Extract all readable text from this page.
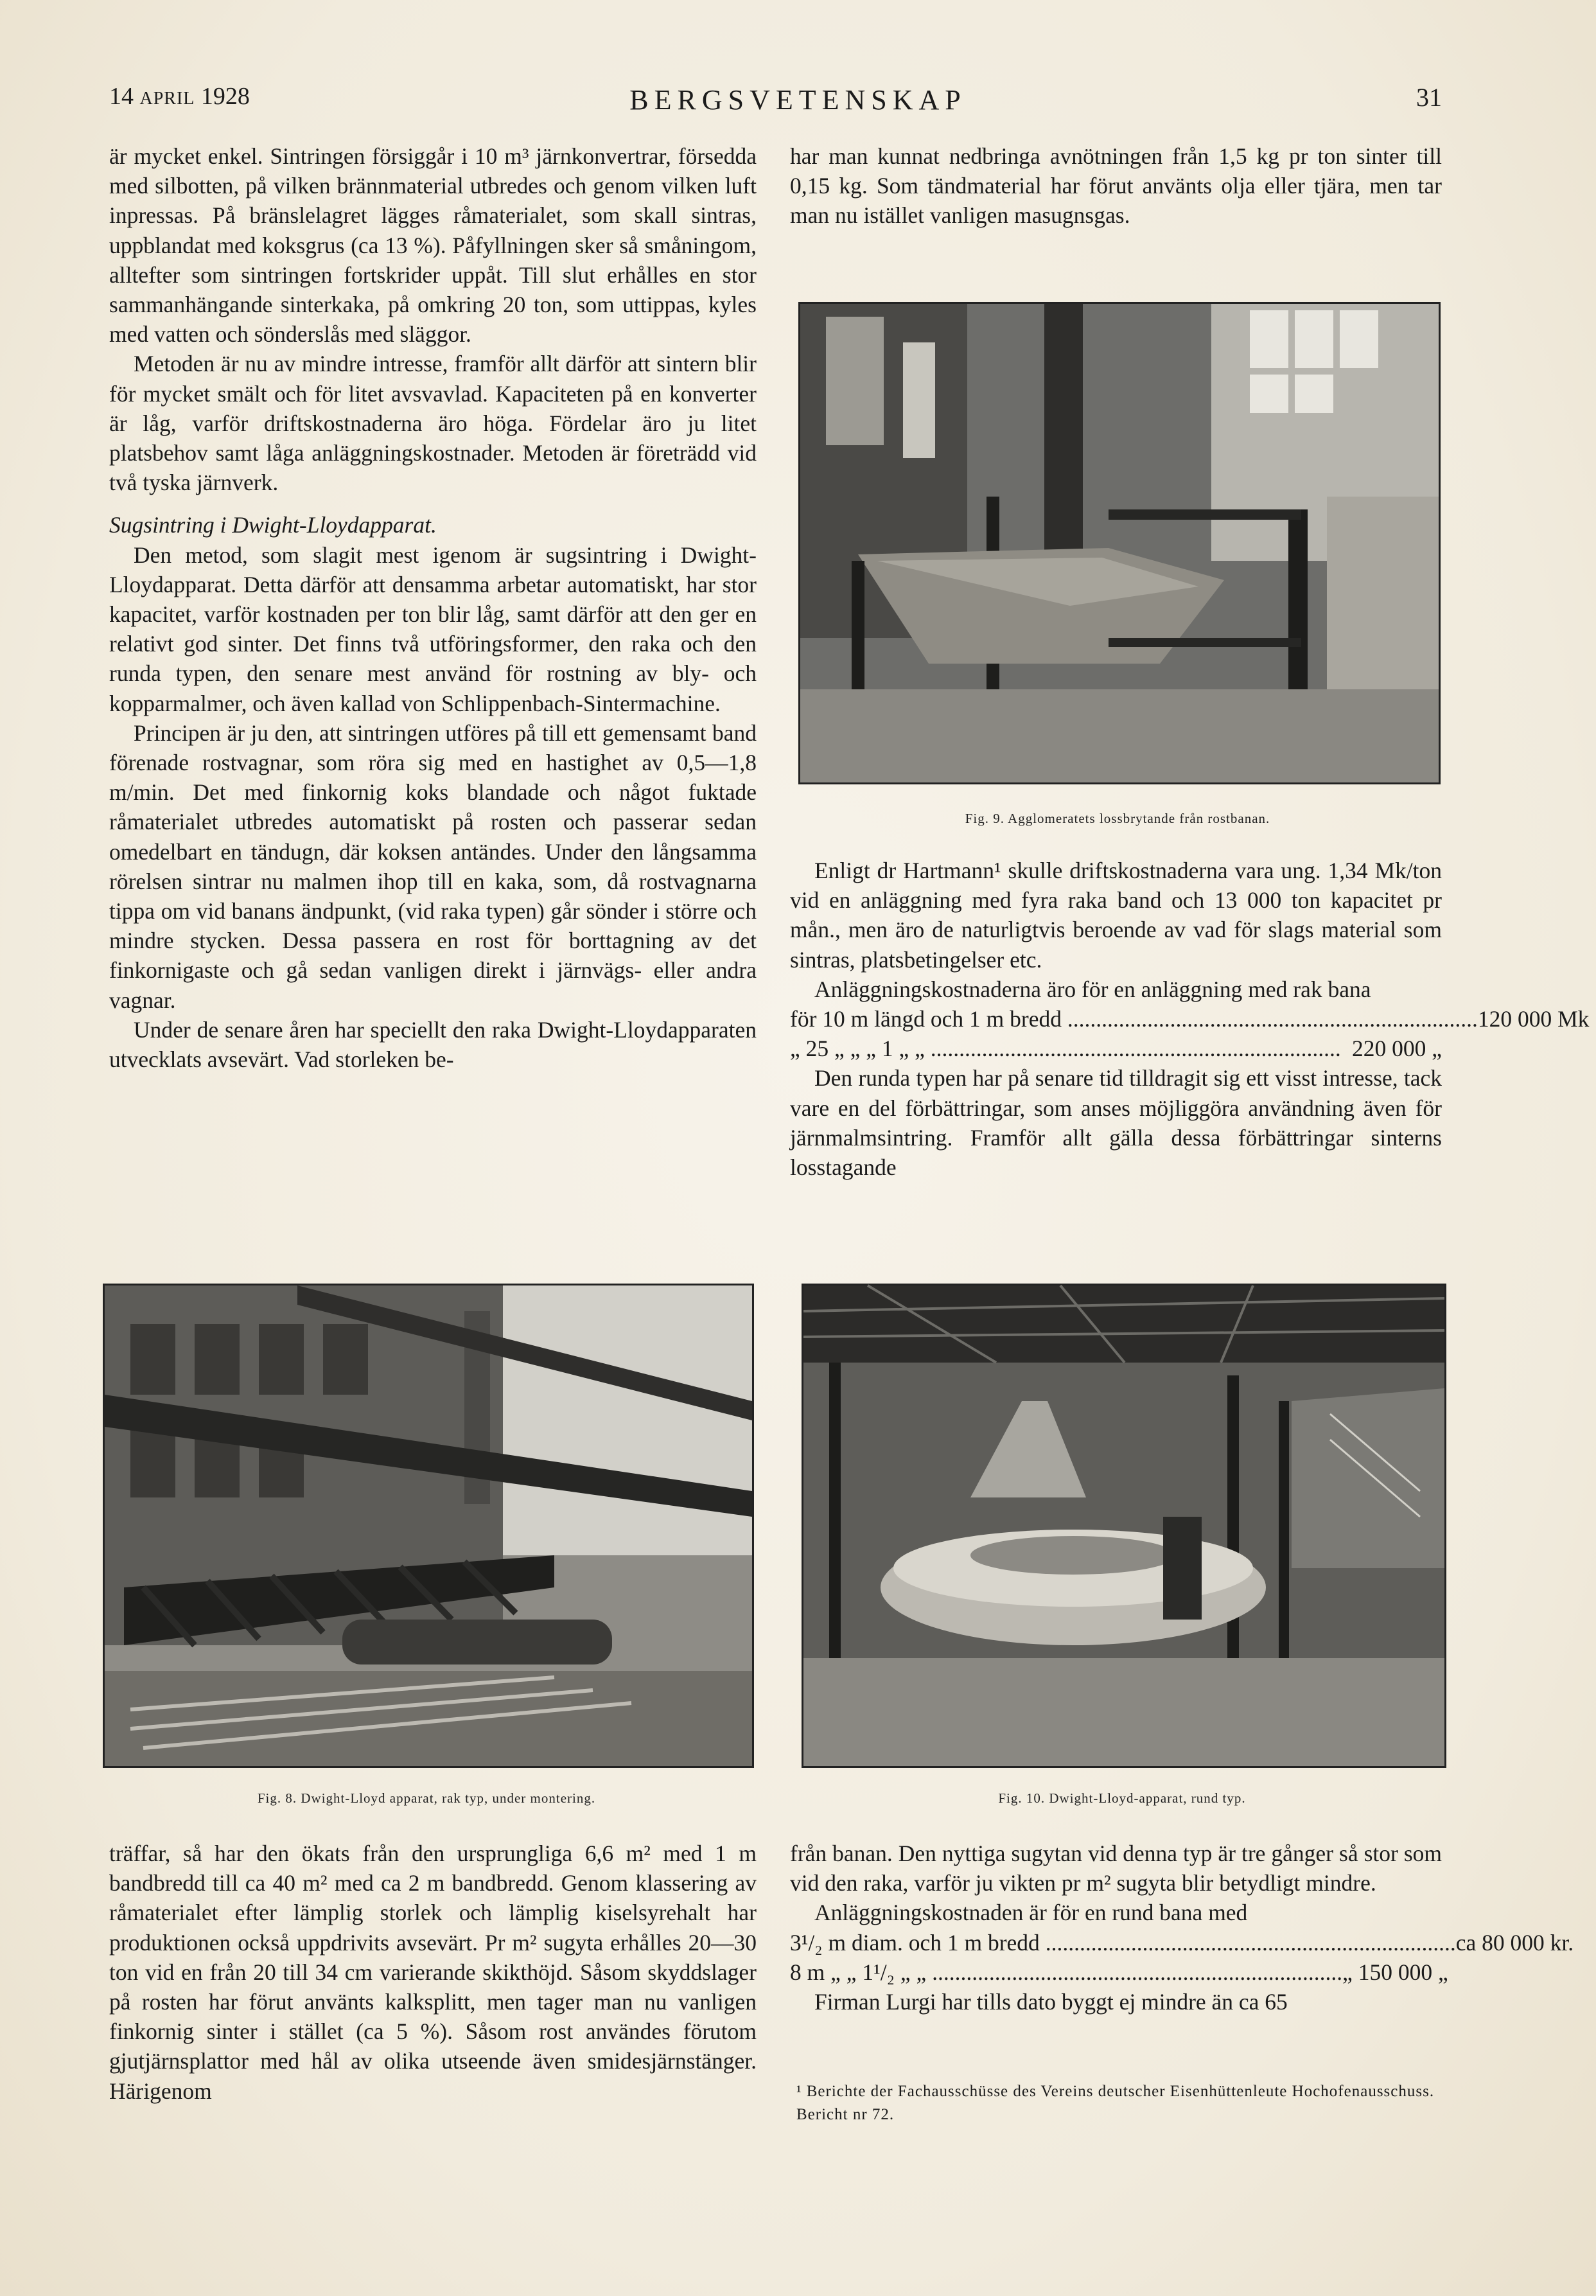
14 APRIL 1928	BERGSVETENSKAP	31

är mycket enkel. Sintringen försiggår i 10 m³ järnkonvertrar, försedda med silbotten, på vilken brännmaterial utbredes och genom vilken luft inpressas. På bränslelagret lägges råmaterialet, som skall sintras, uppblandat med koksgrus (ca 13 %). Påfyllningen sker så småningom, alltefter som sintringen fortskrider uppåt. Till slut erhålles en stor sammanhängande sinterkaka, på omkring 20 ton, som uttippas, kyles med vatten och sönderslås med släggor.

Metoden är nu av mindre intresse, framför allt därför att sintern blir för mycket smält och för litet avsvavlad. Kapaciteten på en konverter är låg, varför driftskostnaderna äro höga. Fördelar äro ju litet platsbehov samt låga anläggningskostnader. Metoden är företrädd vid två tyska järnverk.

Sugsintring i Dwight-Lloydapparat.

Den metod, som slagit mest igenom är sugsintring i Dwight-Lloydapparat. Detta därför att densamma arbetar automatiskt, har stor kapacitet, varför kostnaden per ton blir låg, samt därför att den ger en relativt god sinter. Det finns två utföringsformer, den raka och den runda typen, den senare mest använd för rostning av bly- och kopparmalmer, och även kallad von Schlippenbach-Sintermachine.

Principen är ju den, att sintringen utföres på till ett gemensamt band förenade rostvagnar, som röra sig med en hastighet av 0,5—1,8 m/min. Det med finkornig koks blandade och något fuktade råmaterialet utbredes automatiskt på rosten och passerar sedan omedelbart en tändugn, där koksen antändes. Under den långsamma rörelsen sintrar nu malmen ihop till en kaka, som, då rostvagnarna tippa om vid banans ändpunkt, (vid raka typen) går sönder i större och mindre stycken. Dessa passera en rost för borttagning av det finkornigaste och gå sedan vanligen direkt i järnvägs- eller andra vagnar.

Under de senare åren har speciellt den raka Dwight-Lloydapparaten utvecklats avsevärt. Vad storleken be-

har man kunnat nedbringa avnötningen från 1,5 kg pr ton sinter till 0,15 kg. Som tändmaterial har förut använts olja eller tjära, men tar man nu istället vanligen masugnsgas.

Fig. 9. Agglomeratets lossbrytande från rostbanan.

Enligt dr Hartmann¹ skulle driftskostnaderna vara ung. 1,34 Mk/ton vid en anläggning med fyra raka band och 13 000 ton kapacitet pr mån., men äro de naturligtvis beroende av vad för slags material som sintras, platsbetingelser etc.

Anläggningskostnaderna äro för en anläggning med rak bana

för 10 m längd och 1 m bredd ........................................................................ 120 000 Mk
„ 25 „ „ „ 1 „ „ ........................................................................ 220 000 „

Den runda typen har på senare tid tilldragit sig ett visst intresse, tack vare en del förbättringar, som anses möjliggöra användning även för järnmalmsintring. Framför allt gälla dessa förbättringar sinterns losstagande

Fig. 8. Dwight-Lloyd apparat, rak typ, under montering.	Fig. 10. Dwight-Lloyd-apparat, rund typ.

träffar, så har den ökats från den ursprungliga 6,6 m² med 1 m bandbredd till ca 40 m² med ca 2 m bandbredd. Genom klassering av råmaterialet efter lämplig storlek och lämplig kiselsyrehalt har produktionen också uppdrivits avsevärt. Pr m² sugyta erhålles 20—30 ton vid en från 20 till 34 cm varierande skikthöjd. Såsom skyddslager på rosten har förut använts kalksplitt, men tager man nu vanligen finkornig sinter i stället (ca 5 %). Såsom rost användes förutom gjutjärnsplattor med hål av olika utseende även smidesjärnstänger. Härigenom

från banan. Den nyttiga sugytan vid denna typ är tre gånger så stor som vid den raka, varför ju vikten pr m² sugyta blir betydligt mindre.

Anläggningskostnaden är för en rund bana med

3¹/₂ m diam. och 1 m bredd ........................................................................ ca 80 000 kr.
8 m „ „ 1¹/₂ „ „ ........................................................................ „ 150 000 „

Firman Lurgi har tills dato byggt ej mindre än ca 65

¹ Berichte der Fachausschüsse des Vereins deutscher Eisenhüttenleute Hochofenausschuss. Bericht nr 72.
